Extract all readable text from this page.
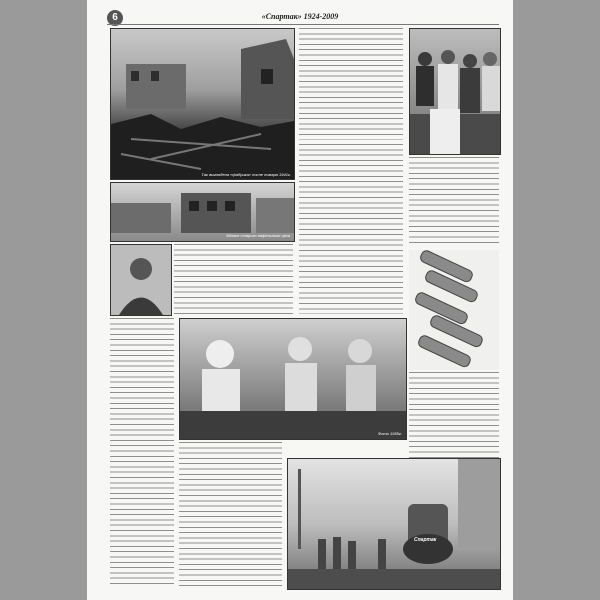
6	«Спартак» 1924-2009
Так выглядела «фабрика» после пожара 1941г.
Здание старого вафельного цеха
Фото 1955г.
Спартак
